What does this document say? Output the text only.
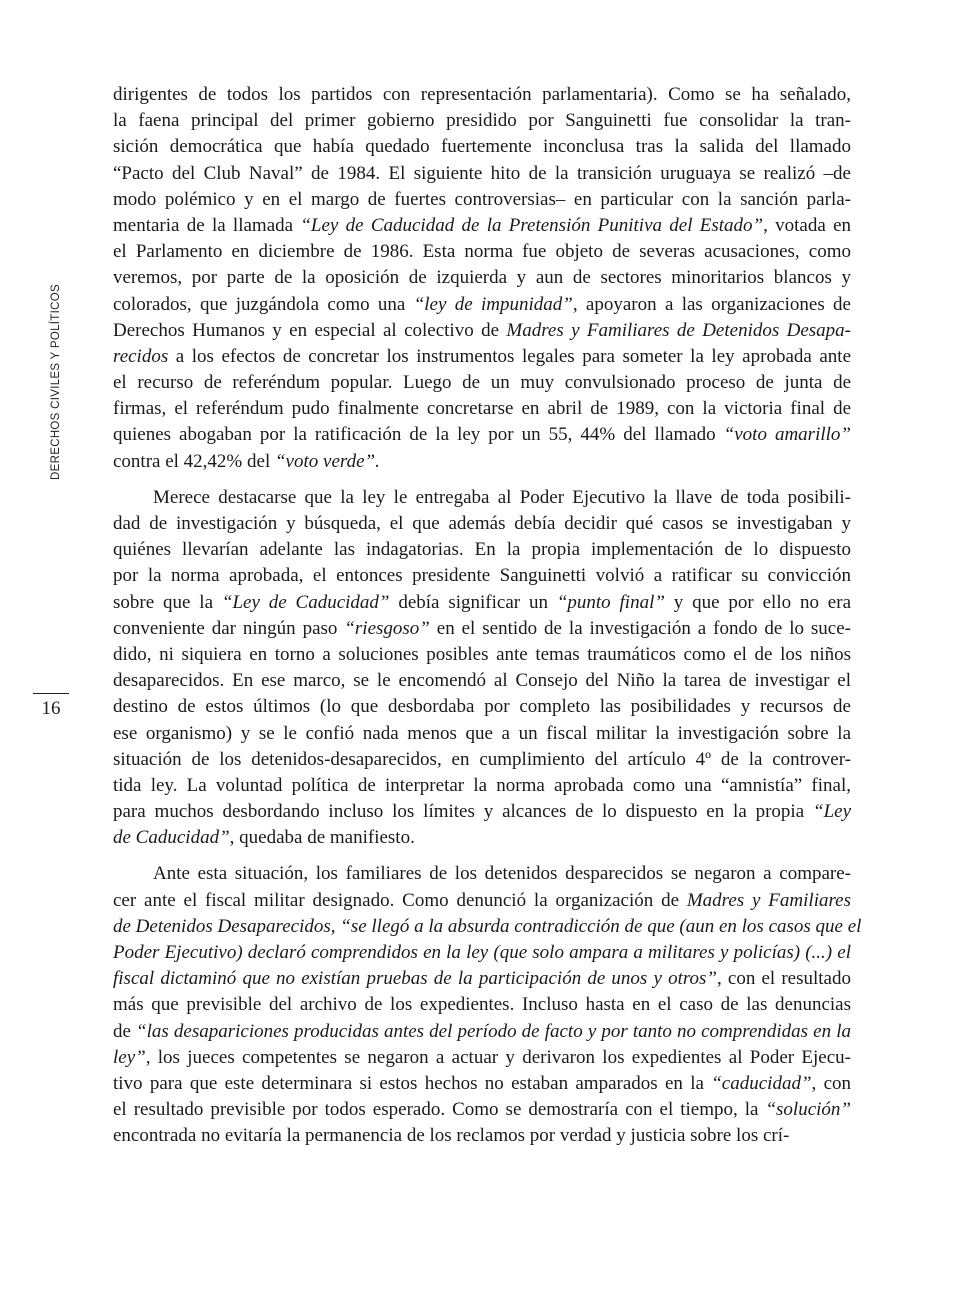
DERECHOS CIVILES Y POLÍTICOS
16
dirigentes de todos los partidos con representación parlamentaria). Como se ha señalado,
la faena principal del primer gobierno presidido por Sanguinetti fue consolidar la tran-
sición democrática que había quedado fuertemente inconclusa tras la salida del llamado
“Pacto del Club Naval” de 1984. El siguiente hito de la transición uruguaya se realizó –de
modo polémico y en el margo de fuertes controversias– en particular con la sanción parla-
mentaria de la llamada “Ley de Caducidad de la Pretensión Punitiva del Estado”, votada en
el Parlamento en diciembre de 1986. Esta norma fue objeto de severas acusaciones, como
veremos, por parte de la oposición de izquierda y aun de sectores minoritarios blancos y
colorados, que juzgándola como una “ley de impunidad”, apoyaron a las organizaciones de
Derechos Humanos y en especial al colectivo de Madres y Familiares de Detenidos Desapa-
recidos a los efectos de concretar los instrumentos legales para someter la ley aprobada ante
el recurso de referéndum popular. Luego de un muy convulsionado proceso de junta de
firmas, el referéndum pudo finalmente concretarse en abril de 1989, con la victoria final de
quienes abogaban por la ratificación de la ley por un 55, 44% del llamado “voto amarillo”
contra el 42,42% del “voto verde”.
Merece destacarse que la ley le entregaba al Poder Ejecutivo la llave de toda posibili-
dad de investigación y búsqueda, el que además debía decidir qué casos se investigaban y
quiénes llevarían adelante las indagatorias. En la propia implementación de lo dispuesto
por la norma aprobada, el entonces presidente Sanguinetti volvió a ratificar su convicción
sobre que la “Ley de Caducidad” debía significar un “punto final” y que por ello no era
conveniente dar ningún paso “riesgoso” en el sentido de la investigación a fondo de lo suce-
dido, ni siquiera en torno a soluciones posibles ante temas traumáticos como el de los niños
desaparecidos. En ese marco, se le encomendó al Consejo del Niño la tarea de investigar el
destino de estos últimos (lo que desbordaba por completo las posibilidades y recursos de
ese organismo) y se le confió nada menos que a un fiscal militar la investigación sobre la
situación de los detenidos-desaparecidos, en cumplimiento del artículo 4º de la controver-
tida ley. La voluntad política de interpretar la norma aprobada como una “amnistía” final,
para muchos desbordando incluso los límites y alcances de lo dispuesto en la propia “Ley
de Caducidad”, quedaba de manifiesto.
Ante esta situación, los familiares de los detenidos desparecidos se negaron a compare-
cer ante el fiscal militar designado. Como denunció la organización de Madres y Familiares
de Detenidos Desaparecidos, “se llegó a la absurda contradicción de que (aun en los casos que el
Poder Ejecutivo) declaró comprendidos en la ley (que solo ampara a militares y policías) (...) el
fiscal dictaminó que no existían pruebas de la participación de unos y otros”, con el resultado
más que previsible del archivo de los expedientes. Incluso hasta en el caso de las denuncias
de “las desapariciones producidas antes del período de facto y por tanto no comprendidas en la
ley”, los jueces competentes se negaron a actuar y derivaron los expedientes al Poder Ejecu-
tivo para que este determinara si estos hechos no estaban amparados en la “caducidad”, con
el resultado previsible por todos esperado. Como se demostraría con el tiempo, la “solución”
encontrada no evitaría la permanencia de los reclamos por verdad y justicia sobre los crí-
